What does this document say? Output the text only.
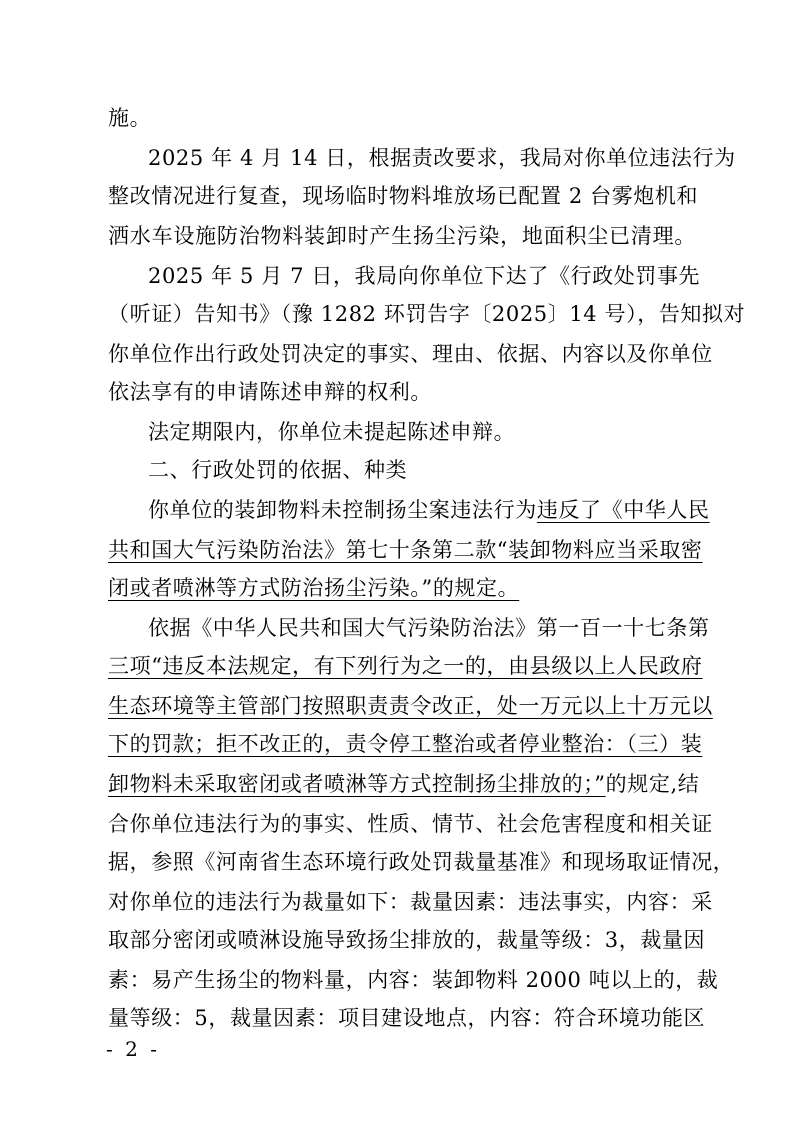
施。
2025 年 4 月 14 日，根据责改要求，我局对你单位违法行为
整改情况进行复查，现场临时物料堆放场已配置 2 台雾炮机和
洒水车设施防治物料装卸时产生扬尘污染，地面积尘已清理。
2025 年 5 月 7 日，我局向你单位下达了《行政处罚事先
（听证）告知书》（豫 1282 环罚告字〔2025〕14 号），告知拟对
你单位作出行政处罚决定的事实、理由、依据、内容以及你单位
依法享有的申请陈述申辩的权利。
法定期限内，你单位未提起陈述申辩。
二、行政处罚的依据、种类
你单位的装卸物料未控制扬尘案违法行为违反了《中华人民
共和国大气污染防治法》第七十条第二款“装卸物料应当采取密
闭或者喷淋等方式防治扬尘污染。”的规定。
依据《中华人民共和国大气污染防治法》第一百一十七条第
三项“违反本法规定，有下列行为之一的，由县级以上人民政府
生态环境等主管部门按照职责责令改正，处一万元以上十万元以
下的罚款；拒不改正的，责令停工整治或者停业整治：（三）装
卸物料未采取密闭或者喷淋等方式控制扬尘排放的；”的规定,结
合你单位违法行为的事实、性质、情节、社会危害程度和相关证
据，参照《河南省生态环境行政处罚裁量基准》和现场取证情况，
对你单位的违法行为裁量如下：裁量因素：违法事实，内容：采
取部分密闭或喷淋设施导致扬尘排放的，裁量等级：3，裁量因
素：易产生扬尘的物料量，内容：装卸物料 2000 吨以上的，裁
量等级：5，裁量因素：项目建设地点，内容：符合环境功能区
- 2 -
